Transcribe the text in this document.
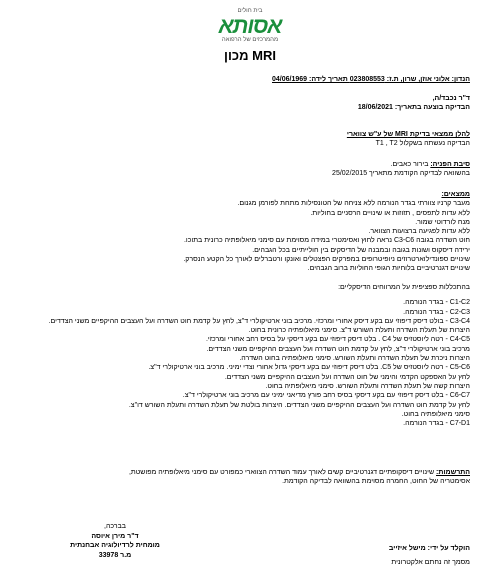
בית חולים
אסותא
מהמרכזים של הרפואה
מכון MRI
הנדון: אלוני אוזן, שרון, ת.ז: 023808553 תאריך לידה: 04/06/1969
ד"ר נכבד/ה,
הבדיקה בוצעה בתאריך: 18/06/2021
להלן ממצאי בדיקת MRI של ע"ש צווארי
הבדיקה נעשתה בשקלול T1 , T2
סיבת הפניה: בירור כאבים.
בהשוואה לבדיקה הקודמת מתאריך 25/02/2015
ממצאים:
מעבר קרניו צוורתי בגדר הנורמה ללא צניחה של הטונסילות מתחת לפורמן מגנום.
ללא עדות לתפסים , תזוזות או שינויים הרסניים בחוליות.
מנח לורדוטי שמור.
ללא עדות לפגיעה ברצועות הצוואר.
חוט השדרה בגובה C3-C6 נראה לחוץ ואסימטרי במידה מסוימת עם סימני מיאלופתיה כרונית בתוכו.
ירידה דיסקוס ושונות בגובה ובמבנה של הדיסקים בין חולייתיים בכל הגבהים.
שינויים ספונדילוארטרוזים ניופיטרופים במפרקים הפצטלים ואונקו ורטברלים לאורך כל הקטע הנסרק.
שינויים דגנרטיביים בלוחיות הגופי החוליות ברוב הגבהים.
בהתכללות ספציפית על המרווחים הדיסקליים:
C1-C2 - בגדר הנורמה.
C2-C3 - בגדר הנורמה.
C3-C4 - בולט דיסק דיפוזי עם בקע דיסק אחורי ומרכזי. מרכיב בוני ארטיקולרי ד"צ, לחץ על קדמת חוט השדרה ועל העצבים ההיקפיים משני הצדדים.
היצרות של תעלת השדרה ותעלת השורש ד"צ. סימני מיאלופתיה כרונית בחוט.
C4-C5 - רטה ליוסטזיס של C4 . בלט דיסק דיפוזי עם בקע דיסקי על בסיס רחב אחורי ומרכזי.
מרכיב בוני ארטיקולרי ד"צ, לחץ על קדמת חוט השדרה ועל העצבים ההיקפיים משני הצדדים.
היצרות ניכרת של תעלת השדרה ותעלת השורש. סימני מיאלופתיה בחוט השדרה.
C5-C6 - רטה ליוסטזיס של C5. בלט דיסק דיפוזי עם בקע דיסקי גדול אחורי וצדי ימיני. מרכיב בוני ארטיקולרי ד"צ.
לחץ על האספקט הקדמי והימני של חוט השדרה ועל העצבים ההיקפיים משני הצדדים.
היצרות קשה של תעלת השדרה ותעלת השורש. סימני מיאלופתיה בחוט.
C6-C7 - בלט דיסק דיפוזי עם בקע דיסקי בסיס רחב פורץ מדיאני ימיני עם מרכיב בוני ארטיקולרי ד"צ.
לחץ על קדמת חוט השדרה ועל העצבים ההיקפיים משני הצדדים. היצרות בולטת של תעלת השדרה ותעלת השורש דו"צ.
סימני מיאלופתיה בחוט.
C7-D1 - בגדר הנורמה.
התרשמות: שינויים דיסקופתיים דגנרטיביים קשים לאורך עמוד השדרה הצווארי כמפורט עם סימני מיאלופתיה מפושטת,
אסימטריה של החוט, החמרה מסוימת בהשוואה לבדיקה הקודמת.
בברכה,
ד"ר מירן איוסה
מומחית לרדיולוגיה אבחנתית
מ.ר 33978
הוקלד על ידי: מישל איזייב
מסמך זה נחתם אלקטרונית
